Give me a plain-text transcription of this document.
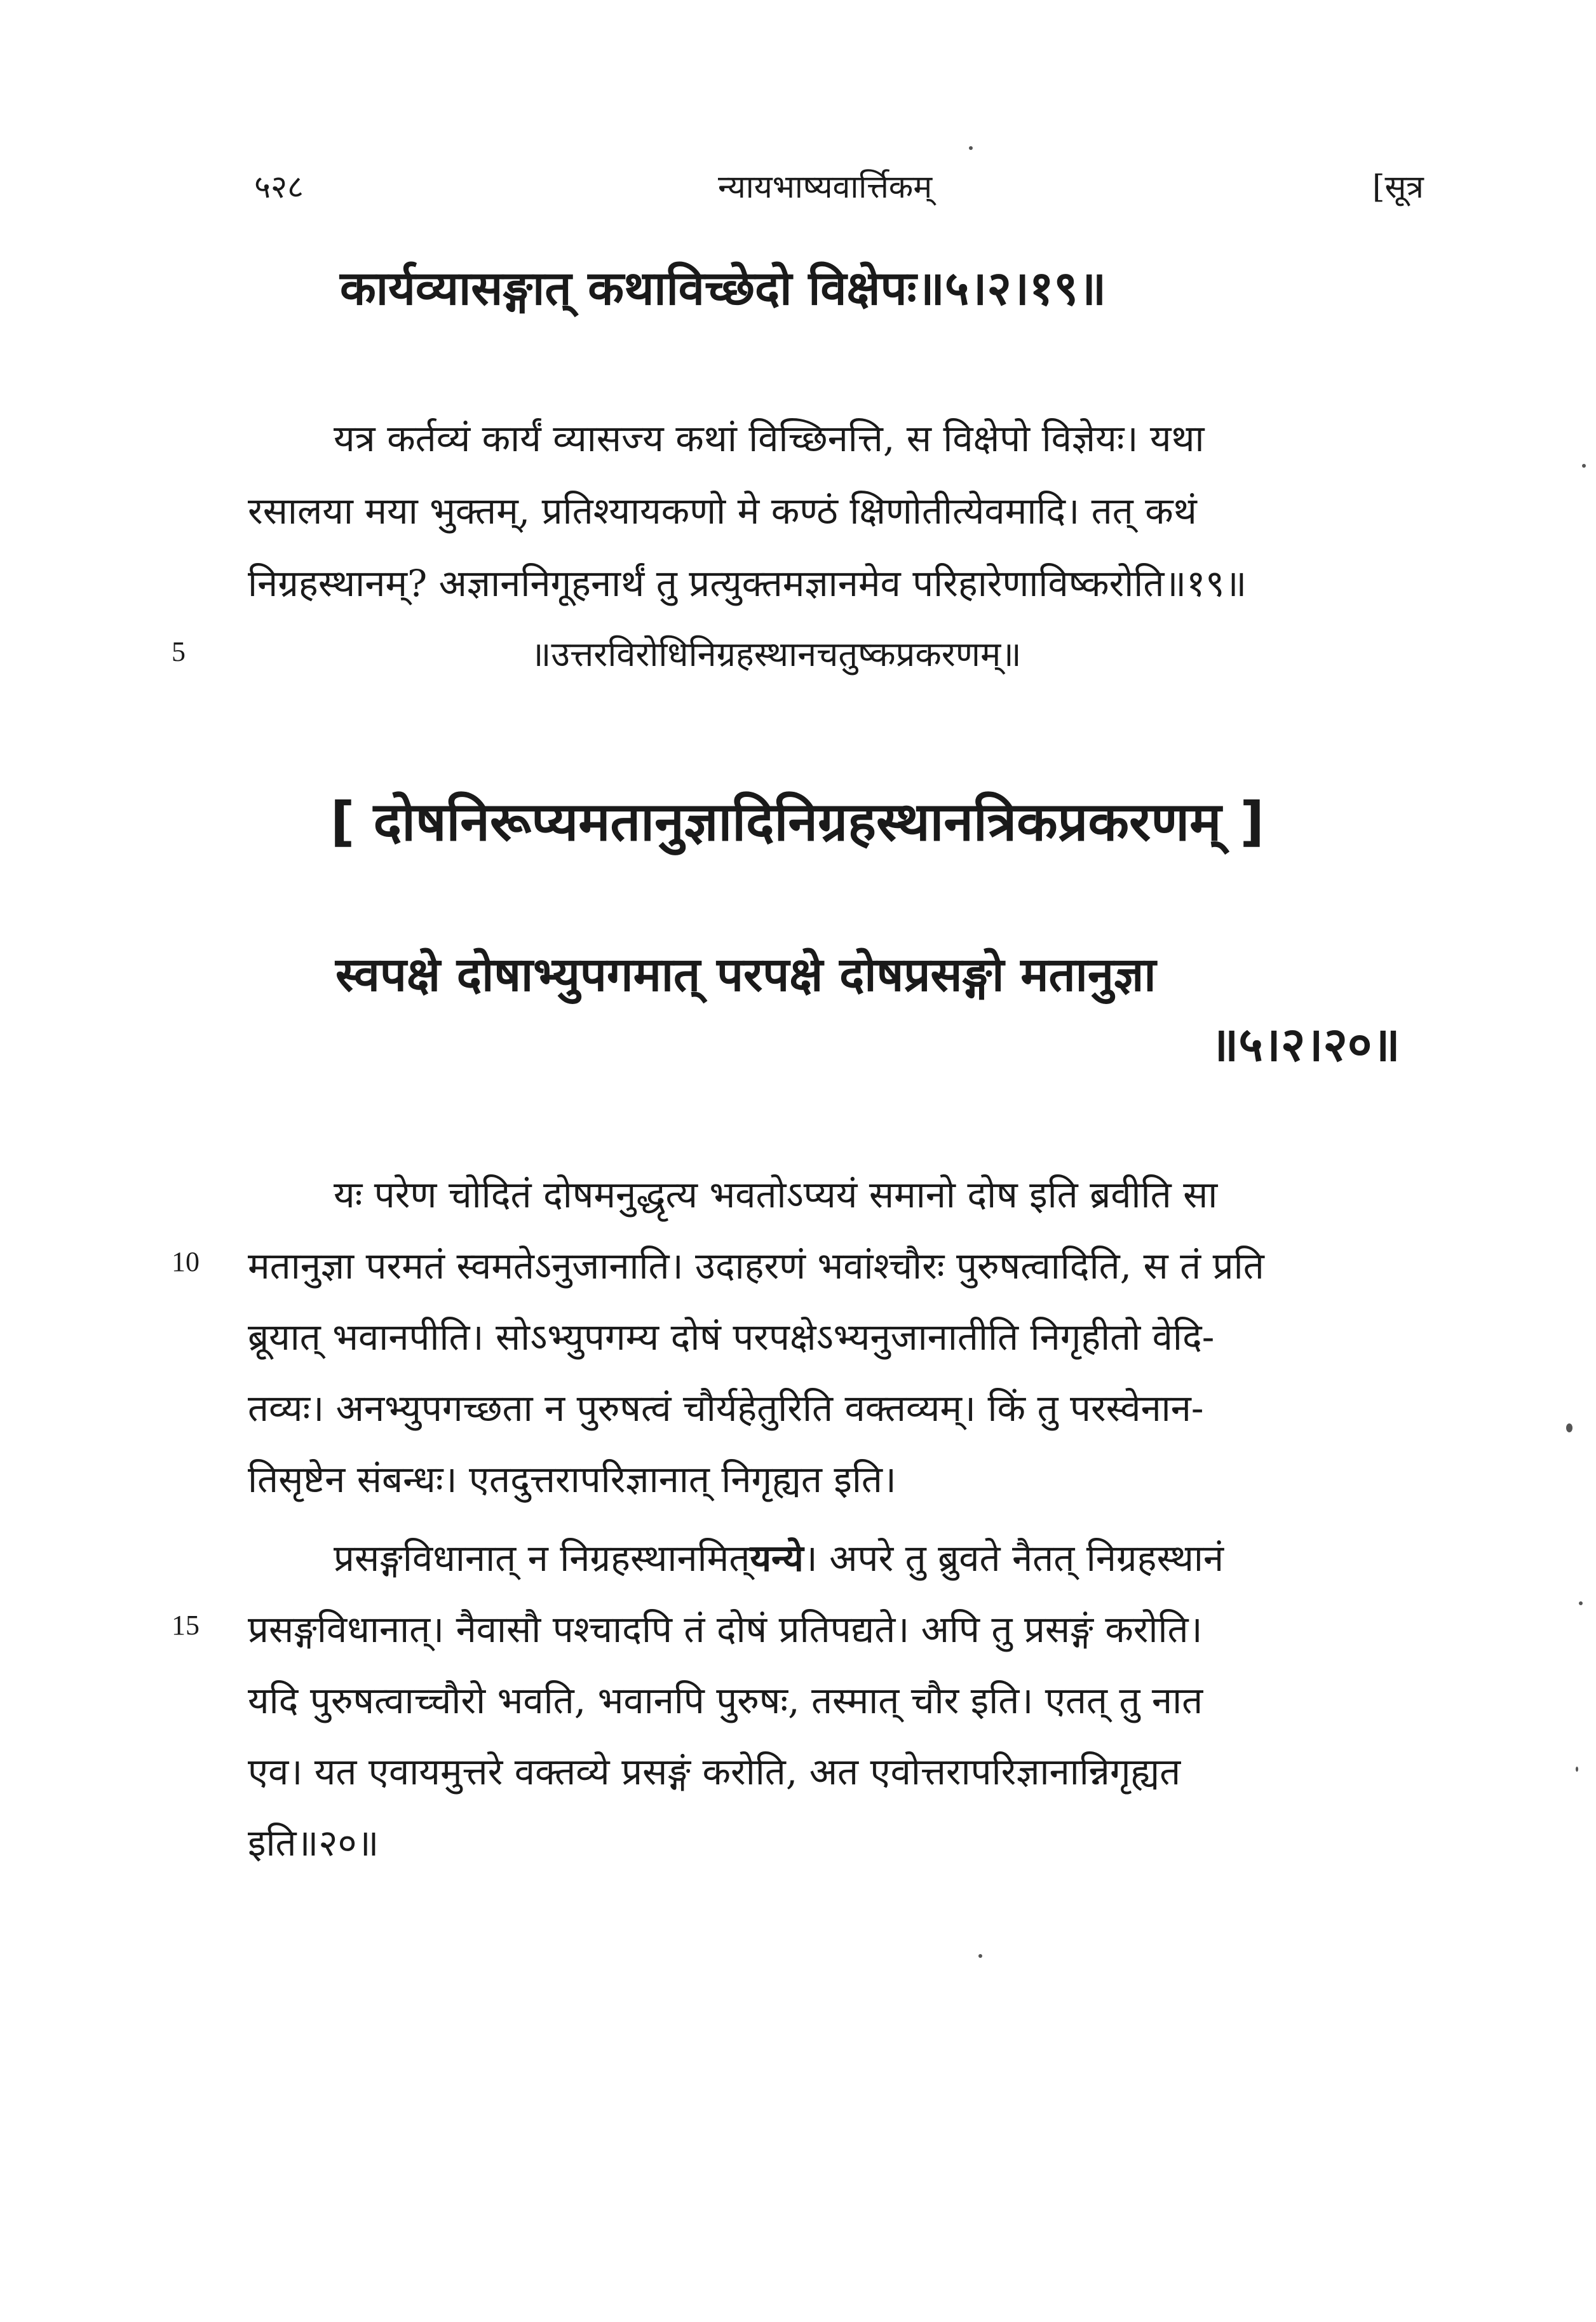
५२८	न्यायभाष्यवार्त्तिकम्	[सूत्र
कार्यव्यासङ्गात् कथाविच्छेदो विक्षेपः॥५।२।१९॥
यत्र कर्तव्यं कार्यं व्यासज्य कथां विच्छिनत्ति, स विक्षेपो विज्ञेयः। यथा
रसालया मया भुक्तम्, प्रतिश्यायकणो मे कण्ठं क्षिणोतीत्येवमादि। तत् कथं
निग्रहस्थानम्? अज्ञाननिगूहनार्थं तु प्रत्युक्तमज्ञानमेव परिहारेणाविष्करोति॥१९॥
5	॥उत्तरविरोधिनिग्रहस्थानचतुष्कप्रकरणम्॥
[ दोषनिरूप्यमतानुज्ञादिनिग्रहस्थानत्रिकप्रकरणम् ]
स्वपक्षे दोषाभ्युपगमात् परपक्षे दोषप्रसङ्गो मतानुज्ञा
॥५।२।२०॥
यः परेण चोदितं दोषमनुद्धृत्य भवतोऽप्ययं समानो दोष इति ब्रवीति सा
10 मतानुज्ञा परमतं स्वमतेऽनुजानाति। उदाहरणं भवांश्चौरः पुरुषत्वादिति, स तं प्रति
ब्रूयात् भवानपीति। सोऽभ्युपगम्य दोषं परपक्षेऽभ्यनुजानातीति निगृहीतो वेदि-
तव्यः। अनभ्युपगच्छता न पुरुषत्वं चौर्यहेतुरिति वक्तव्यम्। किं तु परस्वेनान-
तिसृष्टेन संबन्धः। एतदुत्तरापरिज्ञानात् निगृह्यत इति।
प्रसङ्गविधानात् न निग्रहस्थानमित्यन्ये। अपरे तु ब्रुवते नैतत् निग्रहस्थानं
15 प्रसङ्गविधानात्। नैवासौ पश्चादपि तं दोषं प्रतिपद्यते। अपि तु प्रसङ्गं करोति।
यदि पुरुषत्वाच्चौरो भवति, भवानपि पुरुषः, तस्मात् चौर इति। एतत् तु नात
एव। यत एवायमुत्तरे वक्तव्ये प्रसङ्गं करोति, अत एवोत्तरापरिज्ञानान्निगृह्यत
इति॥२०॥
